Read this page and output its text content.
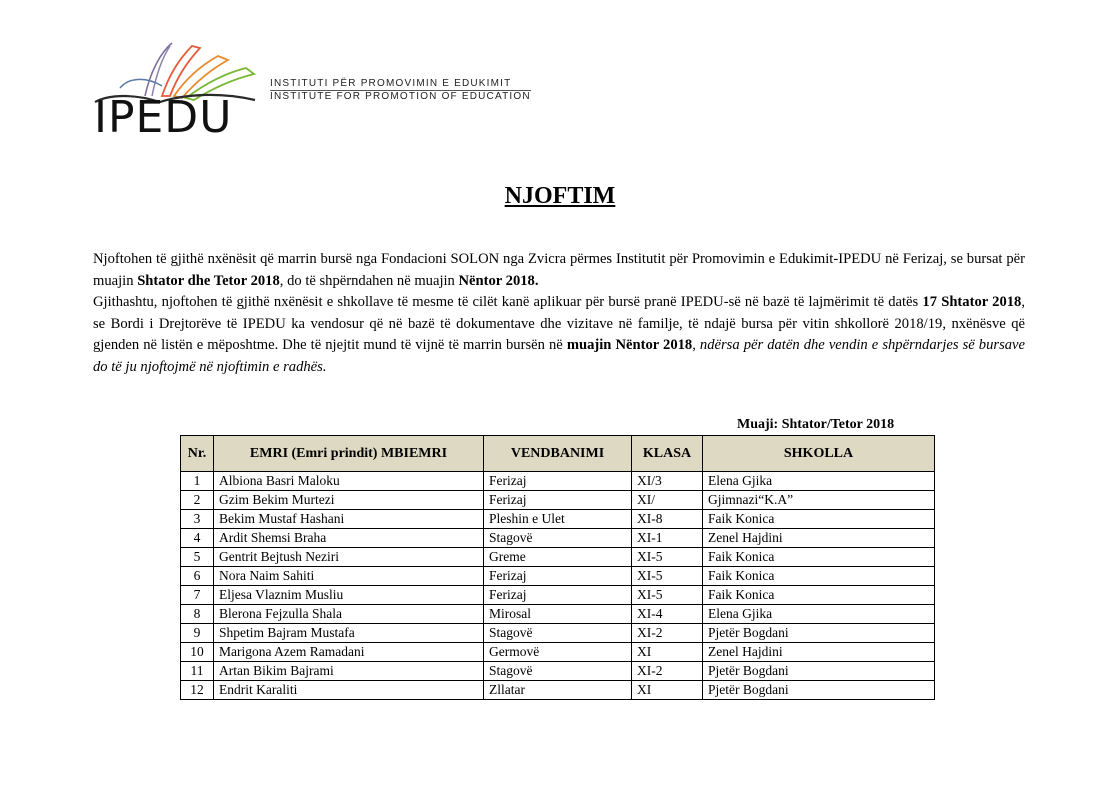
IPEDU
INSTITUTI PËR PROMOVIMIN E EDUKIMIT
INSTITUTE FOR PROMOTION OF EDUCATION
NJOFTIM

Njoftohen të gjithë nxënësit që marrin bursë nga Fondacioni SOLON nga Zvicra përmes Institutit për Promovimin e Edukimit-IPEDU në Ferizaj, se bursat për muajin Shtator dhe Tetor 2018, do të shpërndahen në muajin Nëntor 2018.

Gjithashtu, njoftohen të gjithë nxënësit e shkollave të mesme të cilët kanë aplikuar për bursë pranë IPEDU-së në bazë të lajmërimit të datës 17 Shtator 2018, se Bordi i Drejtorëve të IPEDU ka vendosur që në bazë të dokumentave dhe vizitave në familje, të ndajë bursa për vitin shkollorë 2018/19, nxënësve që gjenden në listën e mëposhtme. Dhe të njejtit mund të vijnë të marrin bursën në muajin Nëntor 2018, ndërsa për datën dhe vendin e shpërndarjes së bursave do të ju njoftojmë në njoftimin e radhës.

Muaji: Shtator/Tetor 2018
Nr.	EMRI (Emri prindit) MBIEMRI	VENDBANIMI	KLASA	SHKOLLA
1	Albiona Basri Maloku	Ferizaj	XI/3	Elena Gjika
2	Gzim Bekim Murtezi	Ferizaj	XI/	Gjimnazi“K.A”
3	Bekim Mustaf Hashani	Pleshin e Ulet	XI-8	Faik Konica
4	Ardit Shemsi Braha	Stagovë	XI-1	Zenel Hajdini
5	Gentrit Bejtush Neziri	Greme	XI-5	Faik Konica
6	Nora Naim Sahiti	Ferizaj	XI-5	Faik Konica
7	Eljesa Vlaznim Musliu	Ferizaj	XI-5	Faik Konica
8	Blerona Fejzulla Shala	Mirosal	XI-4	Elena Gjika
9	Shpetim Bajram Mustafa	Stagovë	XI-2	Pjetër Bogdani
10	Marigona Azem Ramadani	Germovë	XI	Zenel Hajdini
11	Artan Bikim Bajrami	Stagovë	XI-2	Pjetër Bogdani
12	Endrit Karaliti	Zllatar	XI	Pjetër Bogdani
